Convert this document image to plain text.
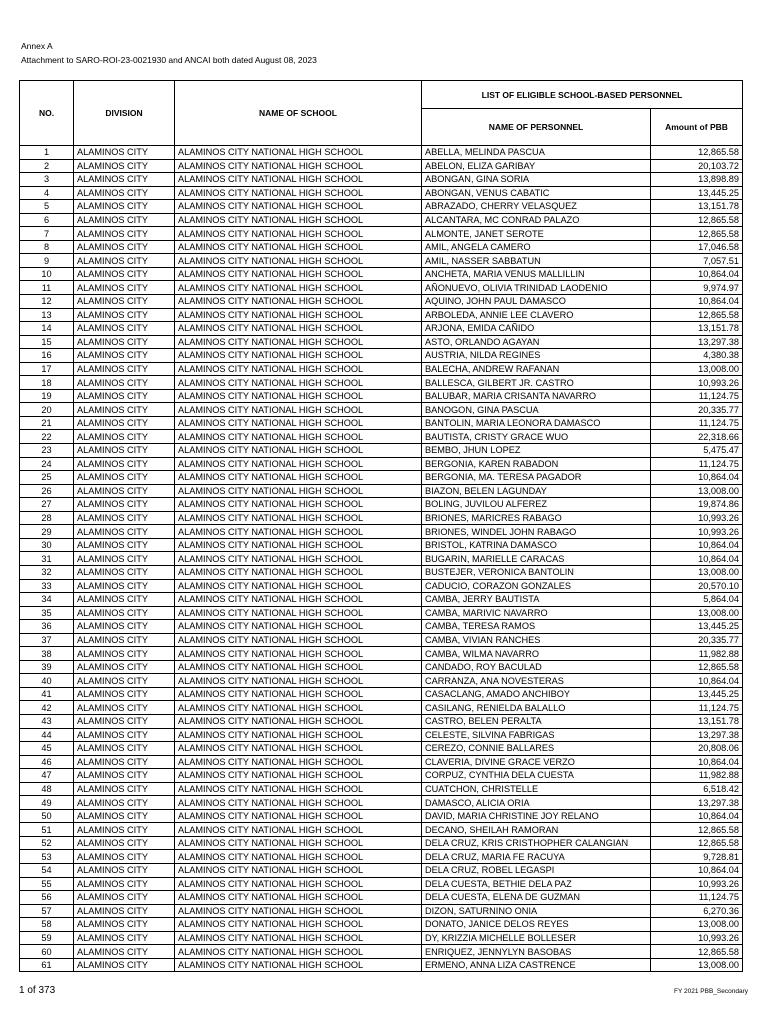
Annex A
Attachment to SARO-ROI-23-0021930 and ANCAI both dated August 08, 2023
NO.	DIVISION	NAME OF SCHOOL	LIST OF ELIGIBLE SCHOOL-BASED PERSONNEL	
			NAME OF PERSONNEL	Amount of PBB
1	ALAMINOS CITY	ALAMINOS CITY NATIONAL HIGH SCHOOL	ABELLA, MELINDA PASCUA	12,865.58
2	ALAMINOS CITY	ALAMINOS CITY NATIONAL HIGH SCHOOL	ABELON, ELIZA GARIBAY	20,103.72
3	ALAMINOS CITY	ALAMINOS CITY NATIONAL HIGH SCHOOL	ABONGAN, GINA SORIA	13,898.89
4	ALAMINOS CITY	ALAMINOS CITY NATIONAL HIGH SCHOOL	ABONGAN, VENUS CABATIC	13,445.25
5	ALAMINOS CITY	ALAMINOS CITY NATIONAL HIGH SCHOOL	ABRAZADO, CHERRY VELASQUEZ	13,151.78
6	ALAMINOS CITY	ALAMINOS CITY NATIONAL HIGH SCHOOL	ALCANTARA, MC CONRAD PALAZO	12,865.58
7	ALAMINOS CITY	ALAMINOS CITY NATIONAL HIGH SCHOOL	ALMONTE, JANET SEROTE	12,865.58
8	ALAMINOS CITY	ALAMINOS CITY NATIONAL HIGH SCHOOL	AMIL, ANGELA CAMERO	17,046.58
9	ALAMINOS CITY	ALAMINOS CITY NATIONAL HIGH SCHOOL	AMIL, NASSER SABBATUN	7,057.51
10	ALAMINOS CITY	ALAMINOS CITY NATIONAL HIGH SCHOOL	ANCHETA, MARIA VENUS MALLILLIN	10,864.04
11	ALAMINOS CITY	ALAMINOS CITY NATIONAL HIGH SCHOOL	AÑONUEVO, OLIVIA TRINIDAD LAODENIO	9,974.97
12	ALAMINOS CITY	ALAMINOS CITY NATIONAL HIGH SCHOOL	AQUINO, JOHN PAUL DAMASCO	10,864.04
13	ALAMINOS CITY	ALAMINOS CITY NATIONAL HIGH SCHOOL	ARBOLEDA, ANNIE LEE CLAVERO	12,865.58
14	ALAMINOS CITY	ALAMINOS CITY NATIONAL HIGH SCHOOL	ARJONA, EMIDA CAÑIDO	13,151.78
15	ALAMINOS CITY	ALAMINOS CITY NATIONAL HIGH SCHOOL	ASTO, ORLANDO AGAYAN	13,297.38
16	ALAMINOS CITY	ALAMINOS CITY NATIONAL HIGH SCHOOL	AUSTRIA, NILDA REGINES	4,380.38
17	ALAMINOS CITY	ALAMINOS CITY NATIONAL HIGH SCHOOL	BALECHA, ANDREW RAFANAN	13,008.00
18	ALAMINOS CITY	ALAMINOS CITY NATIONAL HIGH SCHOOL	BALLESCA, GILBERT JR. CASTRO	10,993.26
19	ALAMINOS CITY	ALAMINOS CITY NATIONAL HIGH SCHOOL	BALUBAR, MARIA CRISANTA NAVARRO	11,124.75
20	ALAMINOS CITY	ALAMINOS CITY NATIONAL HIGH SCHOOL	BANOGON, GINA PASCUA	20,335.77
21	ALAMINOS CITY	ALAMINOS CITY NATIONAL HIGH SCHOOL	BANTOLIN, MARIA LEONORA DAMASCO	11,124.75
22	ALAMINOS CITY	ALAMINOS CITY NATIONAL HIGH SCHOOL	BAUTISTA, CRISTY GRACE WUO	22,318.66
23	ALAMINOS CITY	ALAMINOS CITY NATIONAL HIGH SCHOOL	BEMBO, JHUN LOPEZ	5,475.47
24	ALAMINOS CITY	ALAMINOS CITY NATIONAL HIGH SCHOOL	BERGONIA, KAREN RABADON	11,124.75
25	ALAMINOS CITY	ALAMINOS CITY NATIONAL HIGH SCHOOL	BERGONIA, MA. TERESA PAGADOR	10,864.04
26	ALAMINOS CITY	ALAMINOS CITY NATIONAL HIGH SCHOOL	BIAZON, BELEN LAGUNDAY	13,008.00
27	ALAMINOS CITY	ALAMINOS CITY NATIONAL HIGH SCHOOL	BOLING, JUVILOU ALFEREZ	19,874.86
28	ALAMINOS CITY	ALAMINOS CITY NATIONAL HIGH SCHOOL	BRIONES, MARICRES RABAGO	10,993.26
29	ALAMINOS CITY	ALAMINOS CITY NATIONAL HIGH SCHOOL	BRIONES, WINDEL JOHN RABAGO	10,993.26
30	ALAMINOS CITY	ALAMINOS CITY NATIONAL HIGH SCHOOL	BRISTOL, KATRINA DAMASCO	10,864.04
31	ALAMINOS CITY	ALAMINOS CITY NATIONAL HIGH SCHOOL	BUGARIN, MARIELLE CARACAS	10,864.04
32	ALAMINOS CITY	ALAMINOS CITY NATIONAL HIGH SCHOOL	BUSTEJER, VERONICA BANTOLIN	13,008.00
33	ALAMINOS CITY	ALAMINOS CITY NATIONAL HIGH SCHOOL	CADUCIO, CORAZON GONZALES	20,570.10
34	ALAMINOS CITY	ALAMINOS CITY NATIONAL HIGH SCHOOL	CAMBA, JERRY BAUTISTA	5,864.04
35	ALAMINOS CITY	ALAMINOS CITY NATIONAL HIGH SCHOOL	CAMBA, MARIVIC NAVARRO	13,008.00
36	ALAMINOS CITY	ALAMINOS CITY NATIONAL HIGH SCHOOL	CAMBA, TERESA RAMOS	13,445.25
37	ALAMINOS CITY	ALAMINOS CITY NATIONAL HIGH SCHOOL	CAMBA, VIVIAN RANCHES	20,335.77
38	ALAMINOS CITY	ALAMINOS CITY NATIONAL HIGH SCHOOL	CAMBA, WILMA NAVARRO	11,982.88
39	ALAMINOS CITY	ALAMINOS CITY NATIONAL HIGH SCHOOL	CANDADO, ROY BACULAD	12,865.58
40	ALAMINOS CITY	ALAMINOS CITY NATIONAL HIGH SCHOOL	CARRANZA, ANA NOVESTERAS	10,864.04
41	ALAMINOS CITY	ALAMINOS CITY NATIONAL HIGH SCHOOL	CASACLANG, AMADO ANCHIBOY	13,445.25
42	ALAMINOS CITY	ALAMINOS CITY NATIONAL HIGH SCHOOL	CASILANG, RENIELDA BALALLO	11,124.75
43	ALAMINOS CITY	ALAMINOS CITY NATIONAL HIGH SCHOOL	CASTRO, BELEN PERALTA	13,151.78
44	ALAMINOS CITY	ALAMINOS CITY NATIONAL HIGH SCHOOL	CELESTE, SILVINA FABRIGAS	13,297.38
45	ALAMINOS CITY	ALAMINOS CITY NATIONAL HIGH SCHOOL	CEREZO, CONNIE BALLARES	20,808.06
46	ALAMINOS CITY	ALAMINOS CITY NATIONAL HIGH SCHOOL	CLAVERIA, DIVINE GRACE VERZO	10,864.04
47	ALAMINOS CITY	ALAMINOS CITY NATIONAL HIGH SCHOOL	CORPUZ, CYNTHIA DELA CUESTA	11,982.88
48	ALAMINOS CITY	ALAMINOS CITY NATIONAL HIGH SCHOOL	CUATCHON, CHRISTELLE	6,518.42
49	ALAMINOS CITY	ALAMINOS CITY NATIONAL HIGH SCHOOL	DAMASCO, ALICIA ORIA	13,297.38
50	ALAMINOS CITY	ALAMINOS CITY NATIONAL HIGH SCHOOL	DAVID, MARIA CHRISTINE JOY RELANO	10,864.04
51	ALAMINOS CITY	ALAMINOS CITY NATIONAL HIGH SCHOOL	DECANO, SHEILAH RAMORAN	12,865.58
52	ALAMINOS CITY	ALAMINOS CITY NATIONAL HIGH SCHOOL	DELA CRUZ, KRIS CRISTHOPHER CALANGIAN	12,865.58
53	ALAMINOS CITY	ALAMINOS CITY NATIONAL HIGH SCHOOL	DELA CRUZ, MARIA FE RACUYA	9,728.81
54	ALAMINOS CITY	ALAMINOS CITY NATIONAL HIGH SCHOOL	DELA CRUZ, ROBEL LEGASPI	10,864.04
55	ALAMINOS CITY	ALAMINOS CITY NATIONAL HIGH SCHOOL	DELA CUESTA, BETHIE DELA PAZ	10,993.26
56	ALAMINOS CITY	ALAMINOS CITY NATIONAL HIGH SCHOOL	DELA CUESTA, ELENA DE GUZMAN	11,124.75
57	ALAMINOS CITY	ALAMINOS CITY NATIONAL HIGH SCHOOL	DIZON, SATURNINO ONIA	6,270.36
58	ALAMINOS CITY	ALAMINOS CITY NATIONAL HIGH SCHOOL	DONATO, JANICE DELOS REYES	13,008.00
59	ALAMINOS CITY	ALAMINOS CITY NATIONAL HIGH SCHOOL	DY, KRIZZIA MICHELLE BOLLESER	10,993.26
60	ALAMINOS CITY	ALAMINOS CITY NATIONAL HIGH SCHOOL	ENRIQUEZ, JENNYLYN BASOBAS	12,865.58
61	ALAMINOS CITY	ALAMINOS CITY NATIONAL HIGH SCHOOL	ERMENO, ANNA LIZA CASTRENCE	13,008.00
1 of 373	FY 2021 PBB_Secondary
